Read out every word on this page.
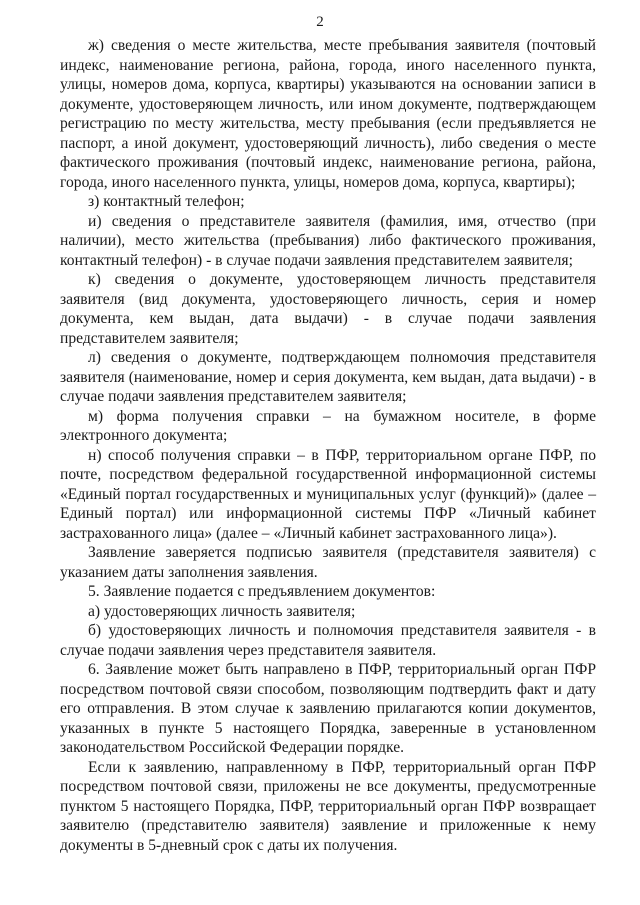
2

ж) сведения о месте жительства, месте пребывания заявителя (почтовый индекс, наименование региона, района, города, иного населенного пункта, улицы, номеров дома, корпуса, квартиры) указываются на основании записи в документе, удостоверяющем личность, или ином документе, подтверждающем регистрацию по месту жительства, месту пребывания (если предъявляется не паспорт, а иной документ, удостоверяющий личность), либо сведения о месте фактического проживания (почтовый индекс, наименование региона, района, города, иного населенного пункта, улицы, номеров дома, корпуса, квартиры);

з) контактный телефон;

и) сведения о представителе заявителя (фамилия, имя, отчество (при наличии), место жительства (пребывания) либо фактического проживания, контактный телефон) - в случае подачи заявления представителем заявителя;

к) сведения о документе, удостоверяющем личность представителя заявителя (вид документа, удостоверяющего личность, серия и номер документа, кем выдан, дата выдачи) - в случае подачи заявления представителем заявителя;

л) сведения о документе, подтверждающем полномочия представителя заявителя (наименование, номер и серия документа, кем выдан, дата выдачи) - в случае подачи заявления представителем заявителя;

м) форма получения справки – на бумажном носителе, в форме электронного документа;

н) способ получения справки – в ПФР, территориальном органе ПФР, по почте, посредством федеральной государственной информационной системы «Единый портал государственных и муниципальных услуг (функций)» (далее – Единый портал) или информационной системы ПФР «Личный кабинет застрахованного лица» (далее – «Личный кабинет застрахованного лица»).

Заявление заверяется подписью заявителя (представителя заявителя) с указанием даты заполнения заявления.

5. Заявление подается с предъявлением документов:

а) удостоверяющих личность заявителя;

б) удостоверяющих личность и полномочия представителя заявителя - в случае подачи заявления через представителя заявителя.

6. Заявление может быть направлено в ПФР, территориальный орган ПФР посредством почтовой связи способом, позволяющим подтвердить факт и дату его отправления. В этом случае к заявлению прилагаются копии документов, указанных в пункте 5 настоящего Порядка, заверенные в установленном законодательством Российской Федерации порядке.

Если к заявлению, направленному в ПФР, территориальный орган ПФР посредством почтовой связи, приложены не все документы, предусмотренные пунктом 5 настоящего Порядка, ПФР, территориальный орган ПФР возвращает заявителю (представителю заявителя) заявление и приложенные к нему документы в 5-дневный срок с даты их получения.
